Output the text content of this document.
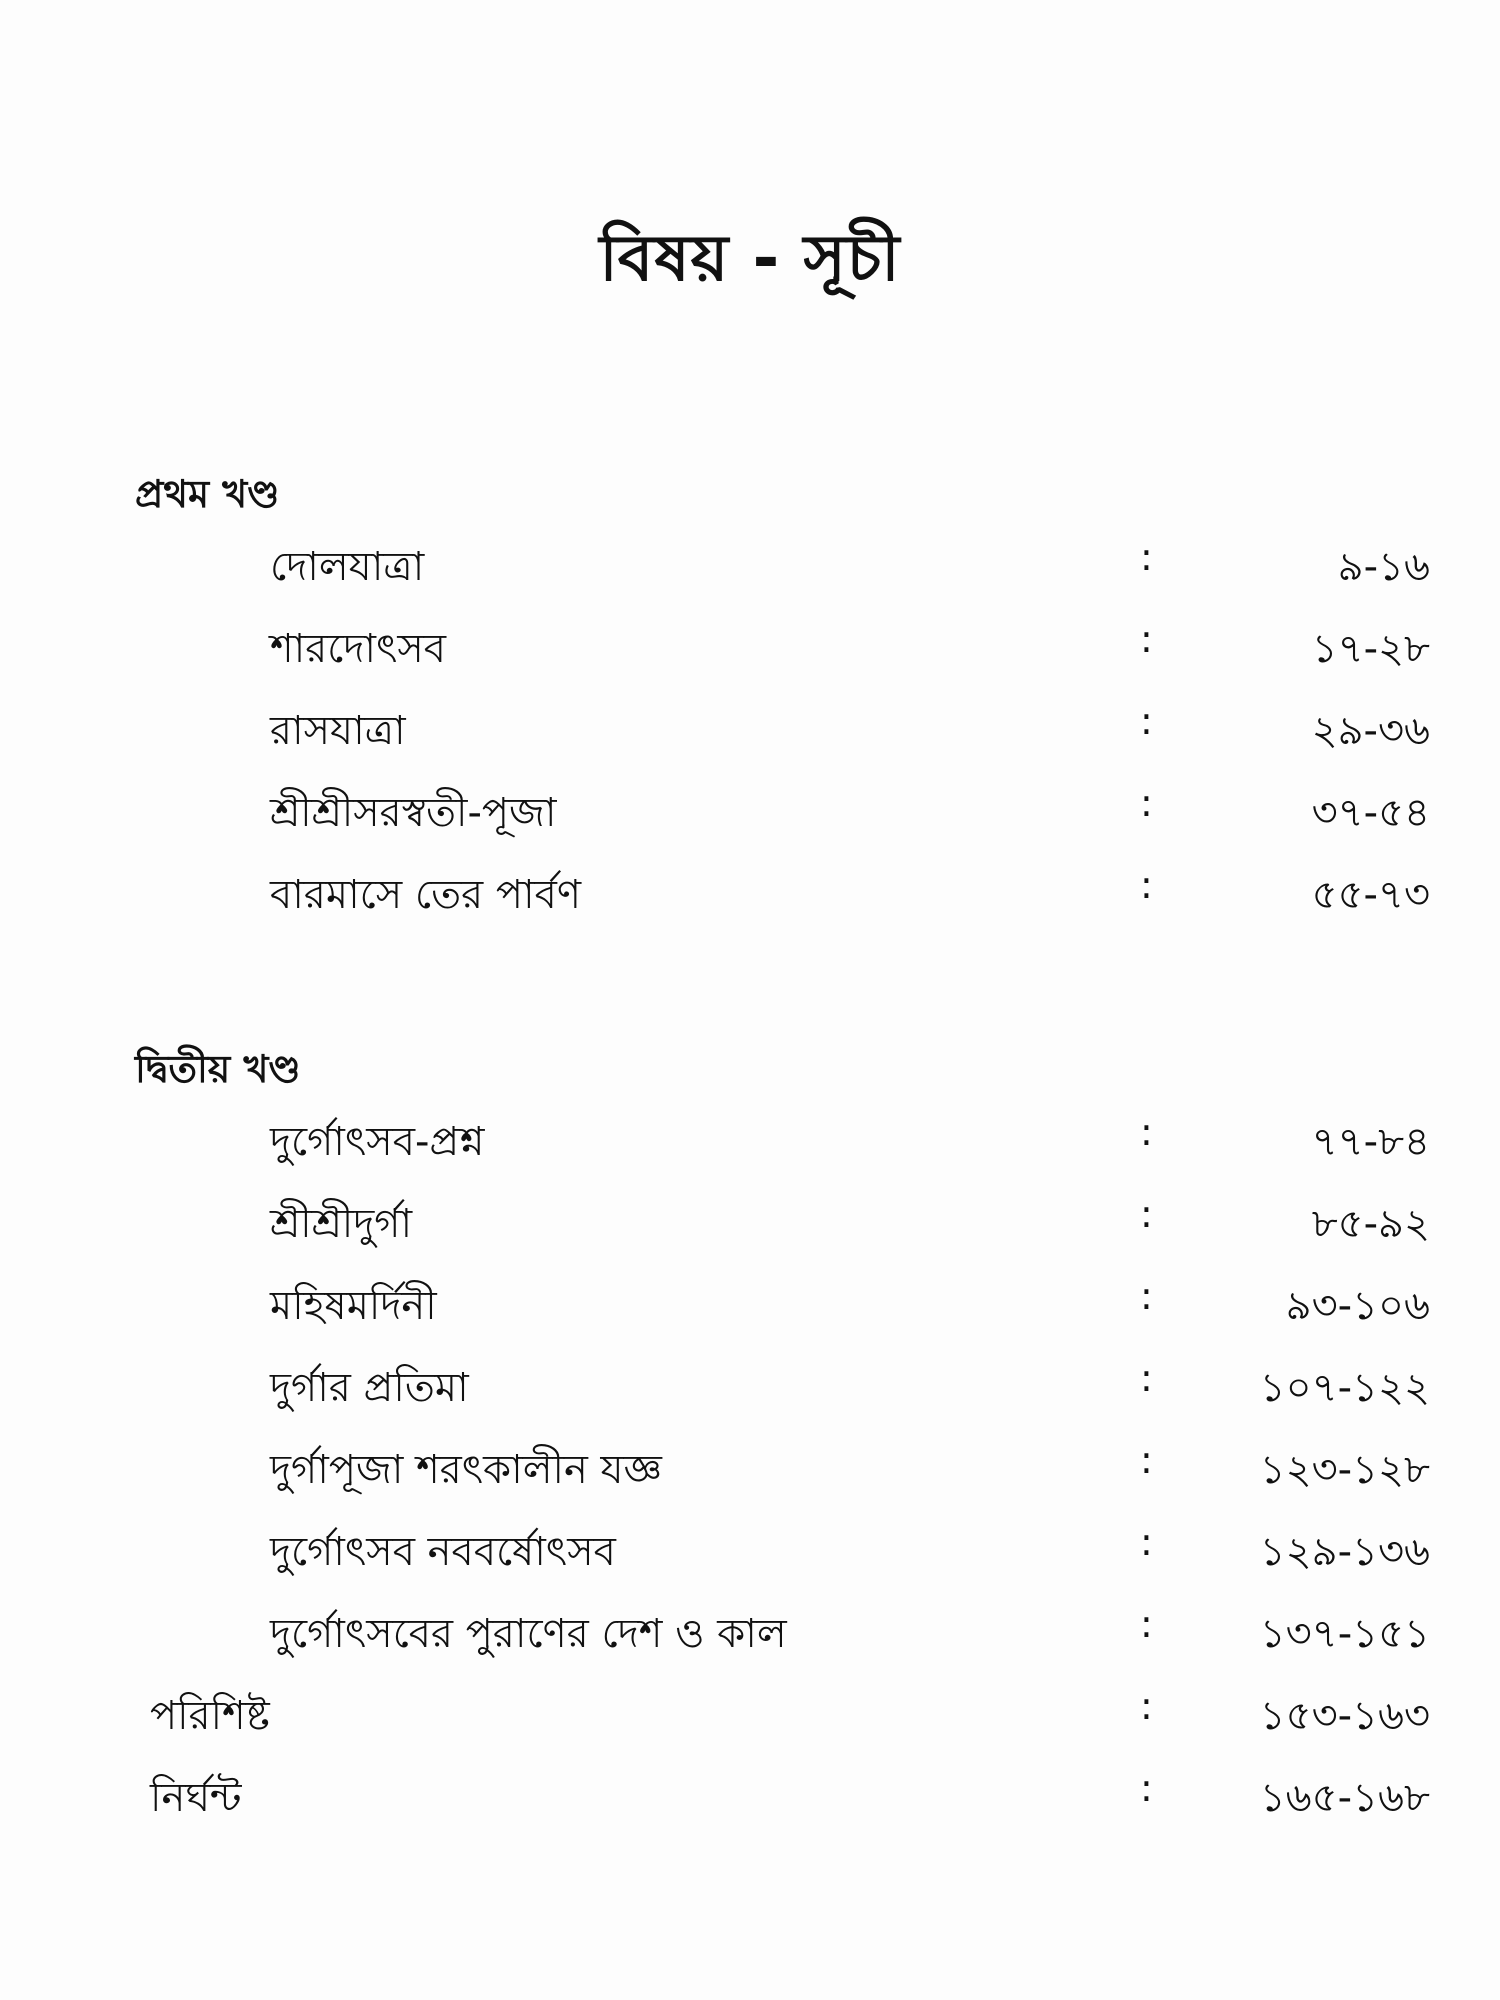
বিষয় - সূচী
প্রথম খণ্ড
দোলযাত্রা	:	৯-১৬
শারদোৎসব	:	১৭-২৮
রাসযাত্রা	:	২৯-৩৬
শ্রীশ্রীসরস্বতী-পূজা	:	৩৭-৫৪
বারমাসে তের পার্বণ	:	৫৫-৭৩
দ্বিতীয় খণ্ড
দুর্গোৎসব-প্রশ্ন	:	৭৭-৮৪
শ্রীশ্রীদুর্গা	:	৮৫-৯২
মহিষমর্দিনী	:	৯৩-১০৬
দুর্গার প্রতিমা	:	১০৭-১২২
দুর্গাপূজা শরৎকালীন যজ্ঞ	:	১২৩-১২৮
দুর্গোৎসব নববর্ষোৎসব	:	১২৯-১৩৬
দুর্গোৎসবের পুরাণের দেশ ও কাল	:	১৩৭-১৫১
পরিশিষ্ট	:	১৫৩-১৬৩
নির্ঘন্ট	:	১৬৫-১৬৮
